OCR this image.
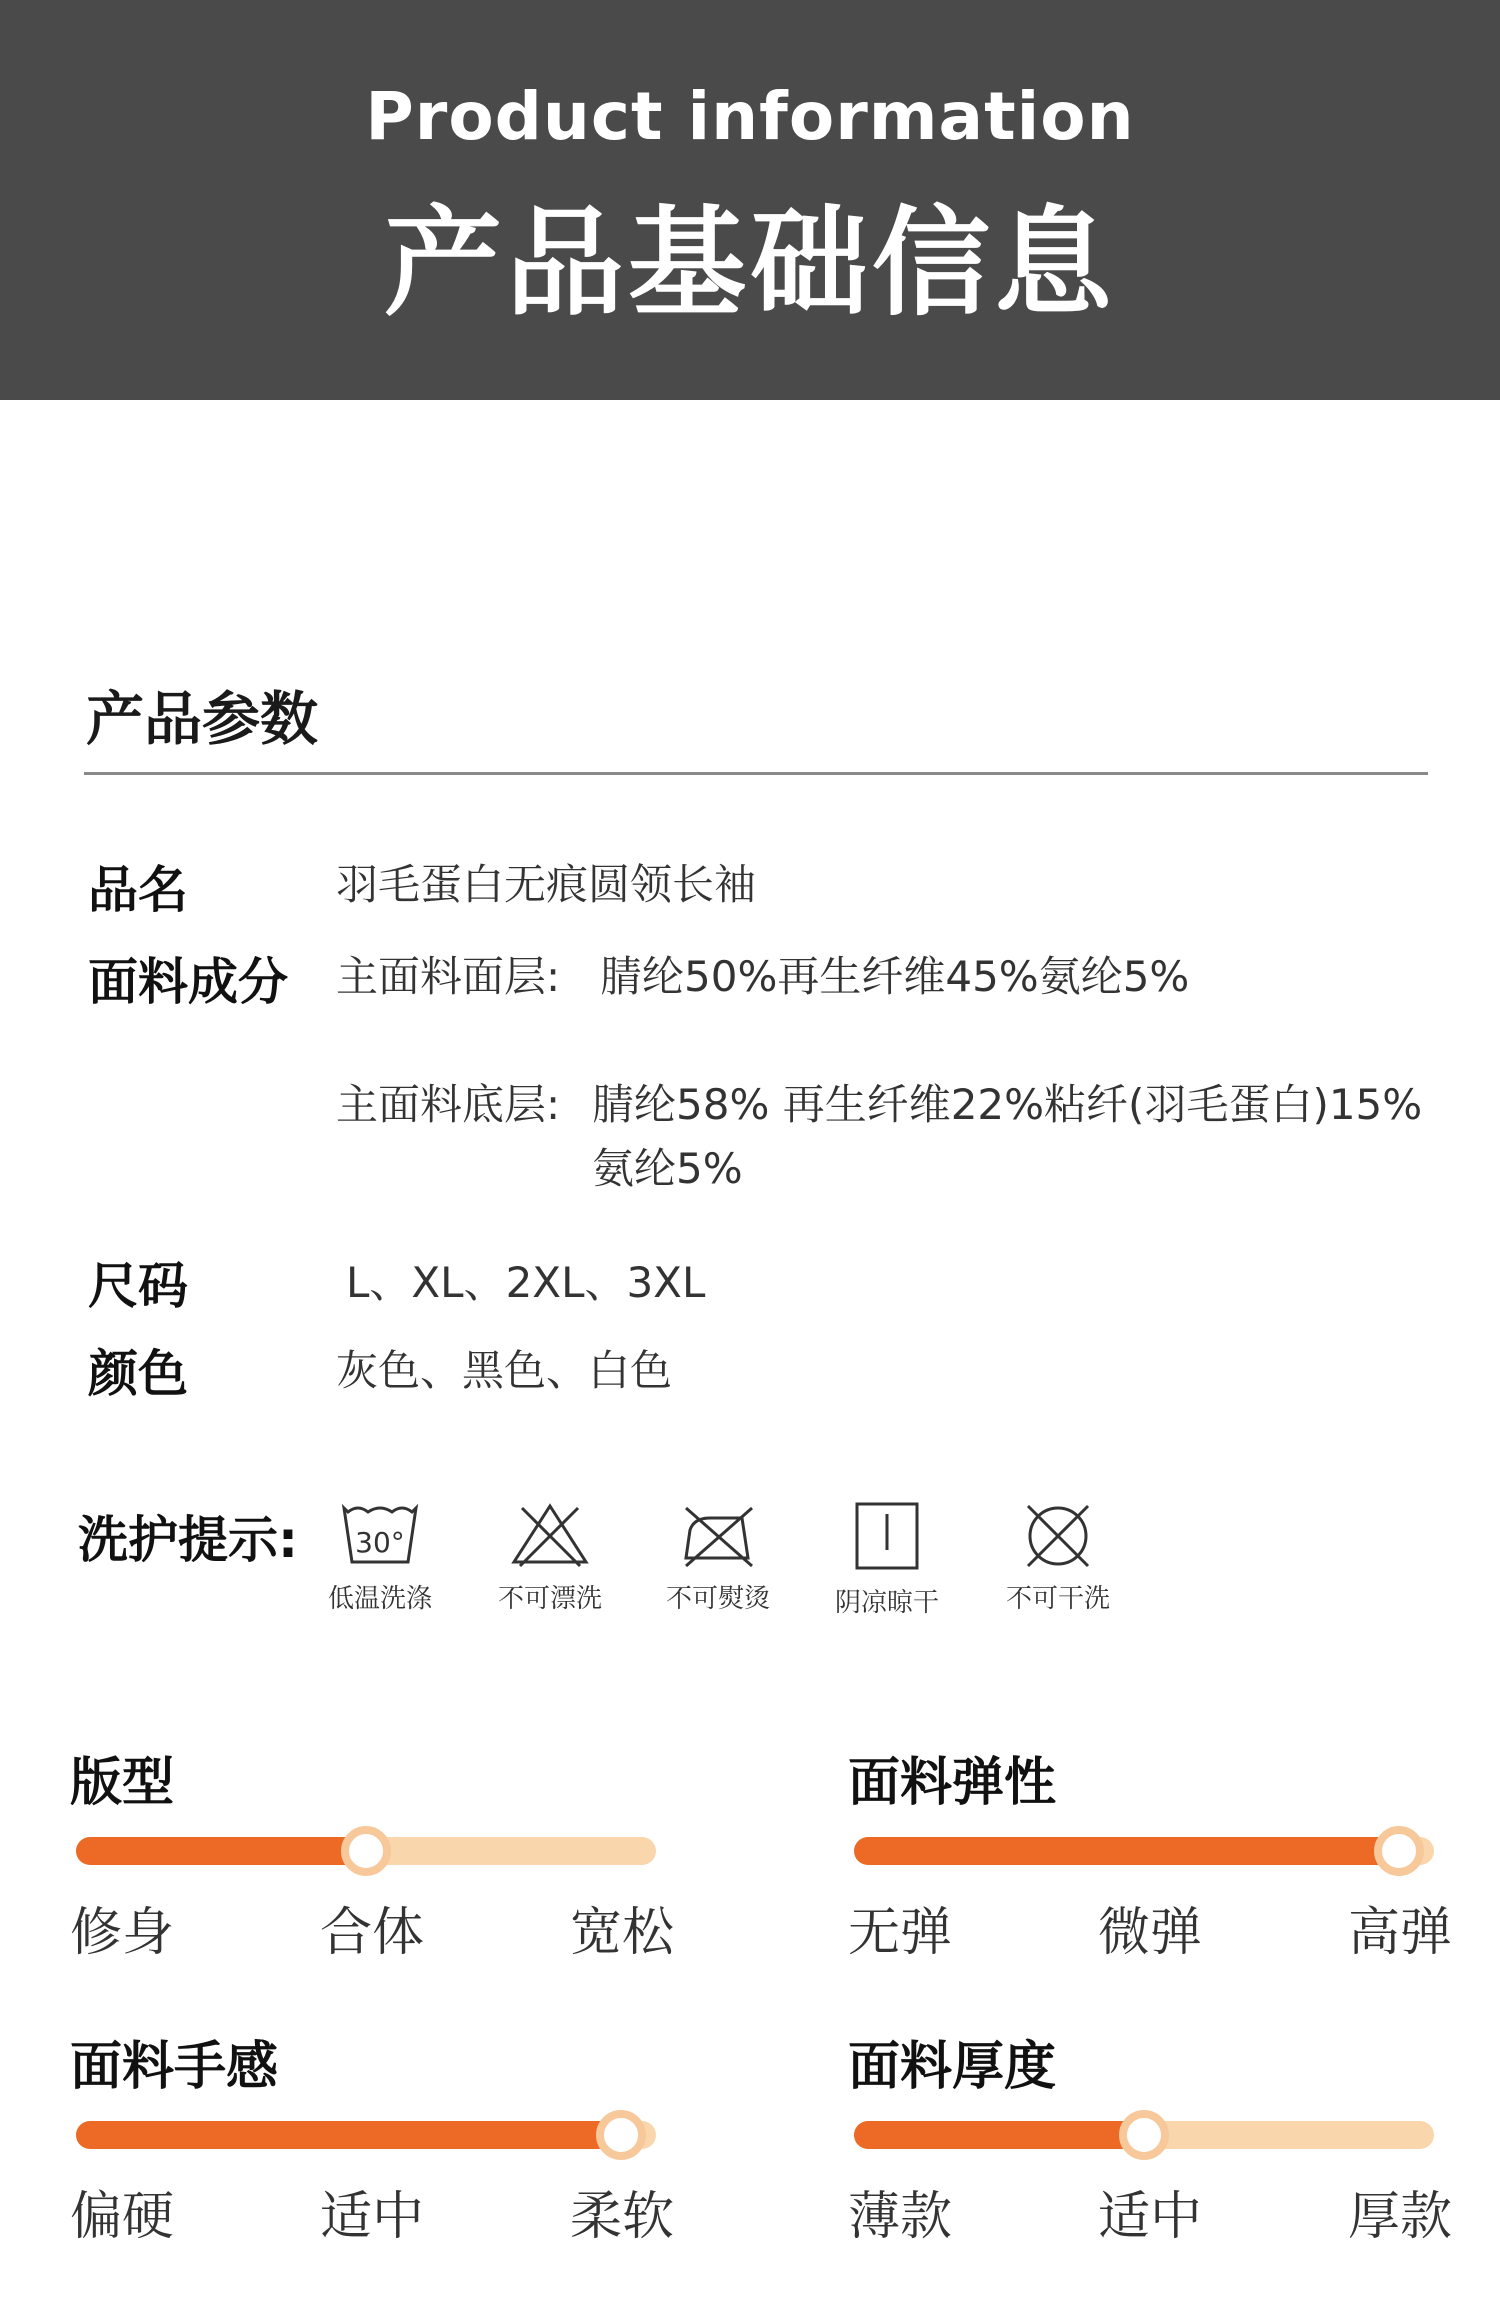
Product information
产品基础信息
产品参数
品名	羽毛蛋白无痕圆领长袖
面料成分 主面料面层: 腈纶50%再生纤维45%氨纶5%
主面料底层: 腈纶58% 再生纤维22%粘纤(羽毛蛋白)15%
氨纶5%
尺码	L、XL、2XL、3XL
颜色	灰色、黑色、白色
洗护提示: 30°
低温洗涤	不可漂洗	不可熨烫	阴凉晾干	不可干洗
版型
修身	合体	宽松
面料弹性
无弹	微弹	高弹
面料手感
偏硬	适中	柔软
面料厚度
薄款	适中	厚款
